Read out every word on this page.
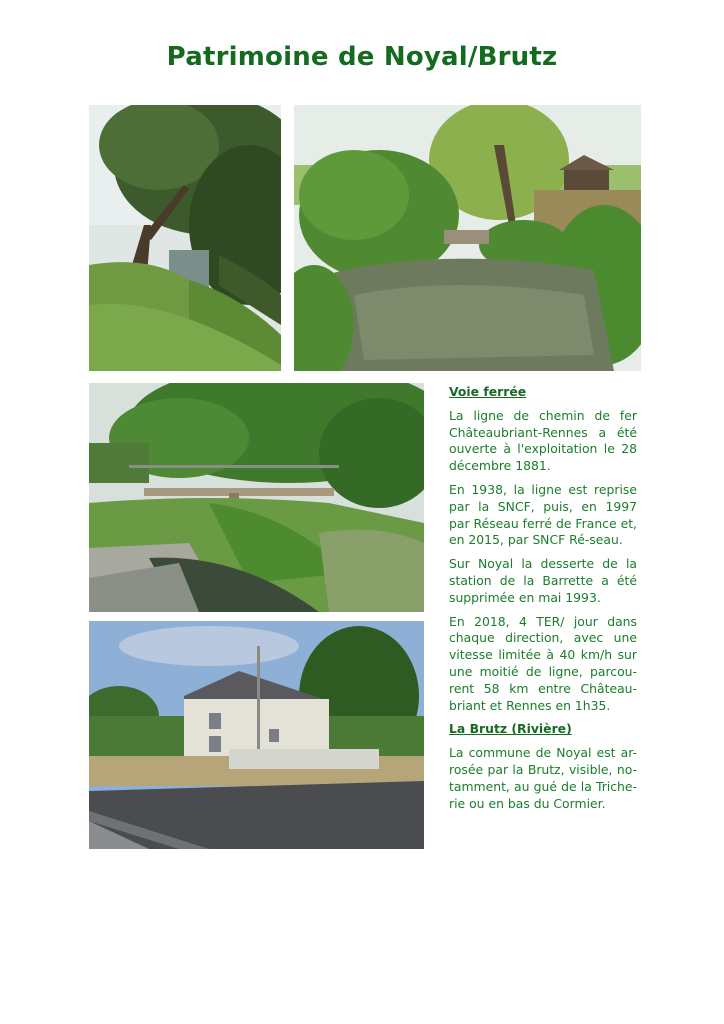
Patrimoine de Noyal/Brutz
Voie ferrée
La ligne de chemin de fer Châteaubriant-Rennes a été ouverte à l'exploitation le 28 décembre 1881.
En 1938, la ligne est reprise par la SNCF, puis, en 1997 par Réseau ferré de France et, en 2015, par SNCF Ré-seau.
Sur Noyal la desserte de la station de la Barrette a été supprimée en mai 1993.
En 2018, 4 TER/ jour dans chaque direction, avec une vitesse limitée à 40 km/h sur une moitié de ligne, parcou-rent 58 km entre Château-briant et Rennes en 1h35.
La Brutz (Rivière)
La commune de Noyal est ar-rosée par la Brutz, visible, no-tamment, au gué de la Triche-rie ou en bas du Cormier.
